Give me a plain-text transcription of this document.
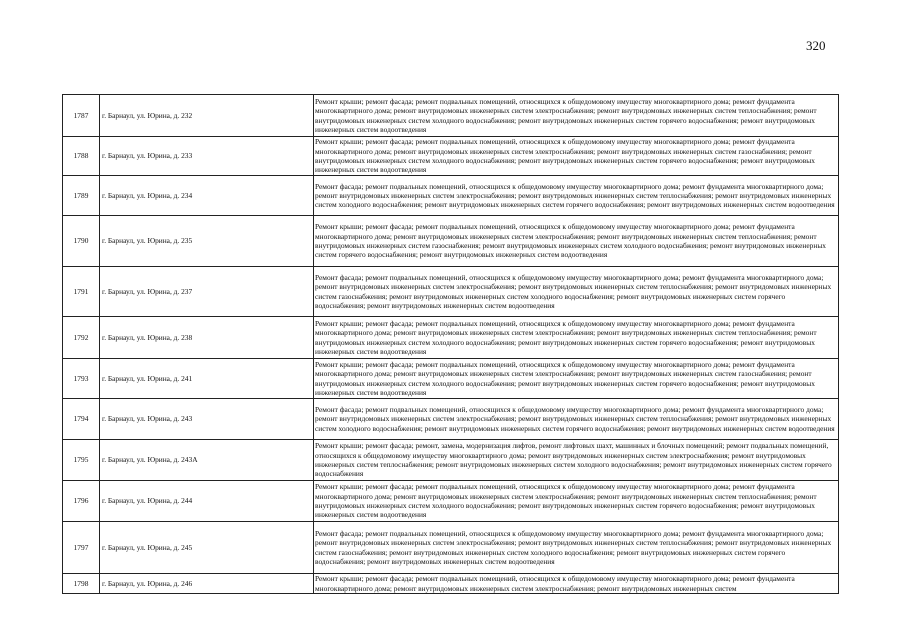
320
1787	г. Барнаул, ул. Юрина, д. 232	Ремонт крыши; ремонт фасада; ремонт подвальных помещений, относящихся к общедомовому имуществу многоквартирного дома; ремонт фундамента многоквартирного дома; ремонт внутридомовых инженерных систем электроснабжения; ремонт внутридомовых инженерных систем теплоснабжения; ремонт внутридомовых инженерных систем холодного водоснабжения; ремонт внутридомовых инженерных систем горячего водоснабжения; ремонт внутридомовых инженерных систем водоотведения
1788	г. Барнаул, ул. Юрина, д. 233	Ремонт крыши; ремонт фасада; ремонт подвальных помещений, относящихся к общедомовому имуществу многоквартирного дома; ремонт фундамента многоквартирного дома; ремонт внутридомовых инженерных систем электроснабжения; ремонт внутридомовых инженерных систем газоснабжения; ремонт внутридомовых инженерных систем холодного водоснабжения; ремонт внутридомовых инженерных систем горячего водоснабжения; ремонт внутридомовых инженерных систем водоотведения
1789	г. Барнаул, ул. Юрина, д. 234	Ремонт фасада; ремонт подвальных помещений, относящихся к общедомовому имуществу многоквартирного дома; ремонт фундамента многоквартирного дома; ремонт внутридомовых инженерных систем электроснабжения; ремонт внутридомовых инженерных систем теплоснабжения; ремонт внутридомовых инженерных систем холодного водоснабжения; ремонт внутридомовых инженерных систем горячего водоснабжения; ремонт внутридомовых инженерных систем водоотведения
1790	г. Барнаул, ул. Юрина, д. 235	Ремонт крыши; ремонт фасада; ремонт подвальных помещений, относящихся к общедомовому имуществу многоквартирного дома; ремонт фундамента многоквартирного дома; ремонт внутридомовых инженерных систем электроснабжения; ремонт внутридомовых инженерных систем теплоснабжения; ремонт внутридомовых инженерных систем газоснабжения; ремонт внутридомовых инженерных систем холодного водоснабжения; ремонт внутридомовых инженерных систем горячего водоснабжения; ремонт внутридомовых инженерных систем водоотведения
1791	г. Барнаул, ул. Юрина, д. 237	Ремонт фасада; ремонт подвальных помещений, относящихся к общедомовому имуществу многоквартирного дома; ремонт фундамента многоквартирного дома; ремонт внутридомовых инженерных систем электроснабжения; ремонт внутридомовых инженерных систем теплоснабжения; ремонт внутридомовых инженерных систем газоснабжения; ремонт внутридомовых инженерных систем холодного водоснабжения; ремонт внутридомовых инженерных систем горячего водоснабжения; ремонт внутридомовых инженерных систем водоотведения
1792	г. Барнаул, ул. Юрина, д. 238	Ремонт крыши; ремонт фасада; ремонт подвальных помещений, относящихся к общедомовому имуществу многоквартирного дома; ремонт фундамента многоквартирного дома; ремонт внутридомовых инженерных систем электроснабжения; ремонт внутридомовых инженерных систем теплоснабжения; ремонт внутридомовых инженерных систем холодного водоснабжения; ремонт внутридомовых инженерных систем горячего водоснабжения; ремонт внутридомовых инженерных систем водоотведения
1793	г. Барнаул, ул. Юрина, д. 241	Ремонт крыши; ремонт фасада; ремонт подвальных помещений, относящихся к общедомовому имуществу многоквартирного дома; ремонт фундамента многоквартирного дома; ремонт внутридомовых инженерных систем электроснабжения; ремонт внутридомовых инженерных систем газоснабжения; ремонт внутридомовых инженерных систем холодного водоснабжения; ремонт внутридомовых инженерных систем горячего водоснабжения; ремонт внутридомовых инженерных систем водоотведения
1794	г. Барнаул, ул. Юрина, д. 243	Ремонт фасада; ремонт подвальных помещений, относящихся к общедомовому имуществу многоквартирного дома; ремонт фундамента многоквартирного дома; ремонт внутридомовых инженерных систем электроснабжения; ремонт внутридомовых инженерных систем теплоснабжения; ремонт внутридомовых инженерных систем холодного водоснабжения; ремонт внутридомовых инженерных систем горячего водоснабжения; ремонт внутридомовых инженерных систем водоотведения
1795	г. Барнаул, ул. Юрина, д. 243А	Ремонт крыши; ремонт фасада; ремонт, замена, модернизация лифтов, ремонт лифтовых шахт, машинных и блочных помещений; ремонт подвальных помещений, относящихся к общедомовому имуществу многоквартирного дома; ремонт внутридомовых инженерных систем электроснабжения; ремонт внутридомовых инженерных систем теплоснабжения; ремонт внутридомовых инженерных систем холодного водоснабжения; ремонт внутридомовых инженерных систем горячего водоснабжения
1796	г. Барнаул, ул. Юрина, д. 244	Ремонт крыши; ремонт фасада; ремонт подвальных помещений, относящихся к общедомовому имуществу многоквартирного дома; ремонт фундамента многоквартирного дома; ремонт внутридомовых инженерных систем электроснабжения; ремонт внутридомовых инженерных систем теплоснабжения; ремонт внутридомовых инженерных систем холодного водоснабжения; ремонт внутридомовых инженерных систем горячего водоснабжения; ремонт внутридомовых инженерных систем водоотведения
1797	г. Барнаул, ул. Юрина, д. 245	Ремонт фасада; ремонт подвальных помещений, относящихся к общедомовому имуществу многоквартирного дома; ремонт фундамента многоквартирного дома; ремонт внутридомовых инженерных систем электроснабжения; ремонт внутридомовых инженерных систем теплоснабжения; ремонт внутридомовых инженерных систем газоснабжения; ремонт внутридомовых инженерных систем холодного водоснабжения; ремонт внутридомовых инженерных систем горячего водоснабжения; ремонт внутридомовых инженерных систем водоотведения
1798	г. Барнаул, ул. Юрина, д. 246	Ремонт крыши; ремонт фасада; ремонт подвальных помещений, относящихся к общедомовому имуществу многоквартирного дома; ремонт фундамента многоквартирного дома; ремонт внутридомовых инженерных систем электроснабжения; ремонт внутридомовых инженерных систем
